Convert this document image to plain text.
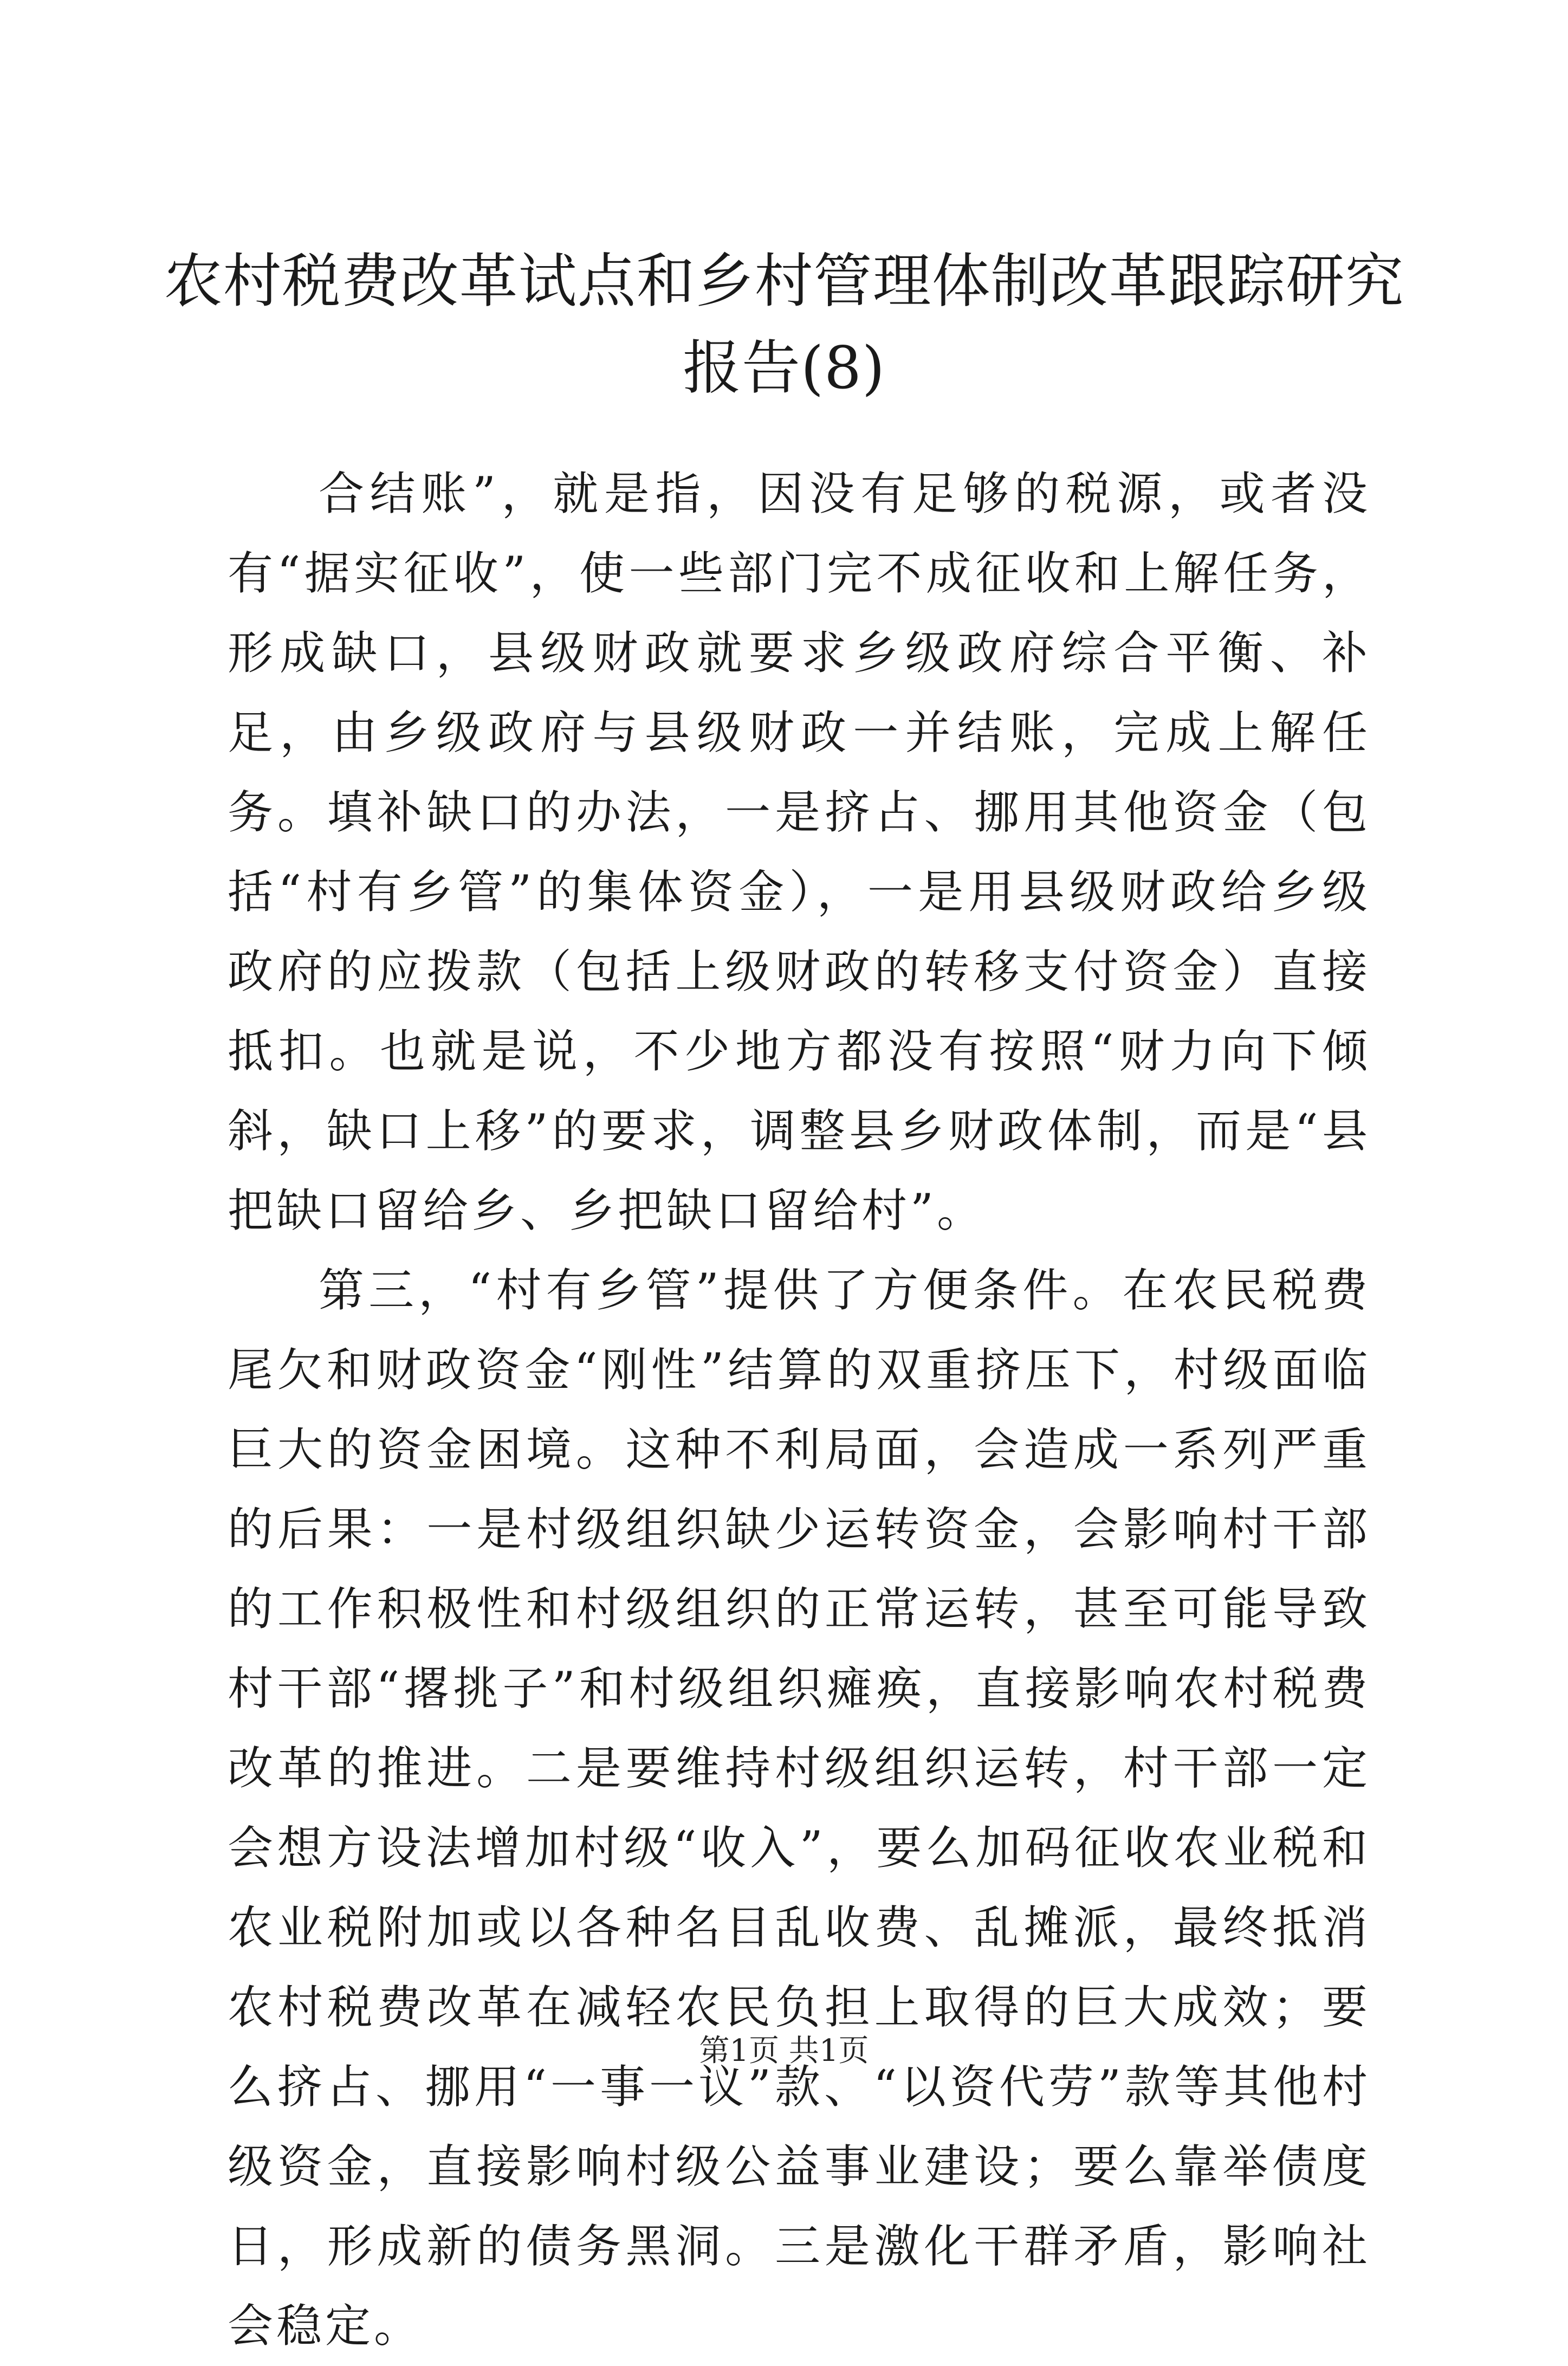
农村税费改革试点和乡村管理体制改革跟踪研究报告(8)

合结账”，就是指，因没有足够的税源，或者没有“据实征收”，使一些部门完不成征收和上解任务，形成缺口，县级财政就要求乡级政府综合平衡、补足，由乡级政府与县级财政一并结账，完成上解任务。填补缺口的办法，一是挤占、挪用其他资金（包括“村有乡管”的集体资金），一是用县级财政给乡级政府的应拨款（包括上级财政的转移支付资金）直接抵扣。也就是说，不少地方都没有按照“财力向下倾斜，缺口上移”的要求，调整县乡财政体制，而是“县把缺口留给乡、乡把缺口留给村”。

第三，“村有乡管”提供了方便条件。在农民税费尾欠和财政资金“刚性”结算的双重挤压下，村级面临巨大的资金困境。这种不利局面，会造成一系列严重的后果：一是村级组织缺少运转资金，会影响村干部的工作积极性和村级组织的正常运转，甚至可能导致村干部“撂挑子”和村级组织瘫痪，直接影响农村税费改革的推进。二是要维持村级组织运转，村干部一定会想方设法增加村级“收入”，要么加码征收农业税和农业税附加或以各种名目乱收费、乱摊派，最终抵消农村税费改革在减轻农民负担上取得的巨大成效；要么挤占、挪用“一事一议”款、“以资代劳”款等其他村级资金，直接影响村级公益事业建设；要么靠举债度日，形成新的债务黑洞。三是激化干群矛盾，影响社会稳定。

第1页 共1页
